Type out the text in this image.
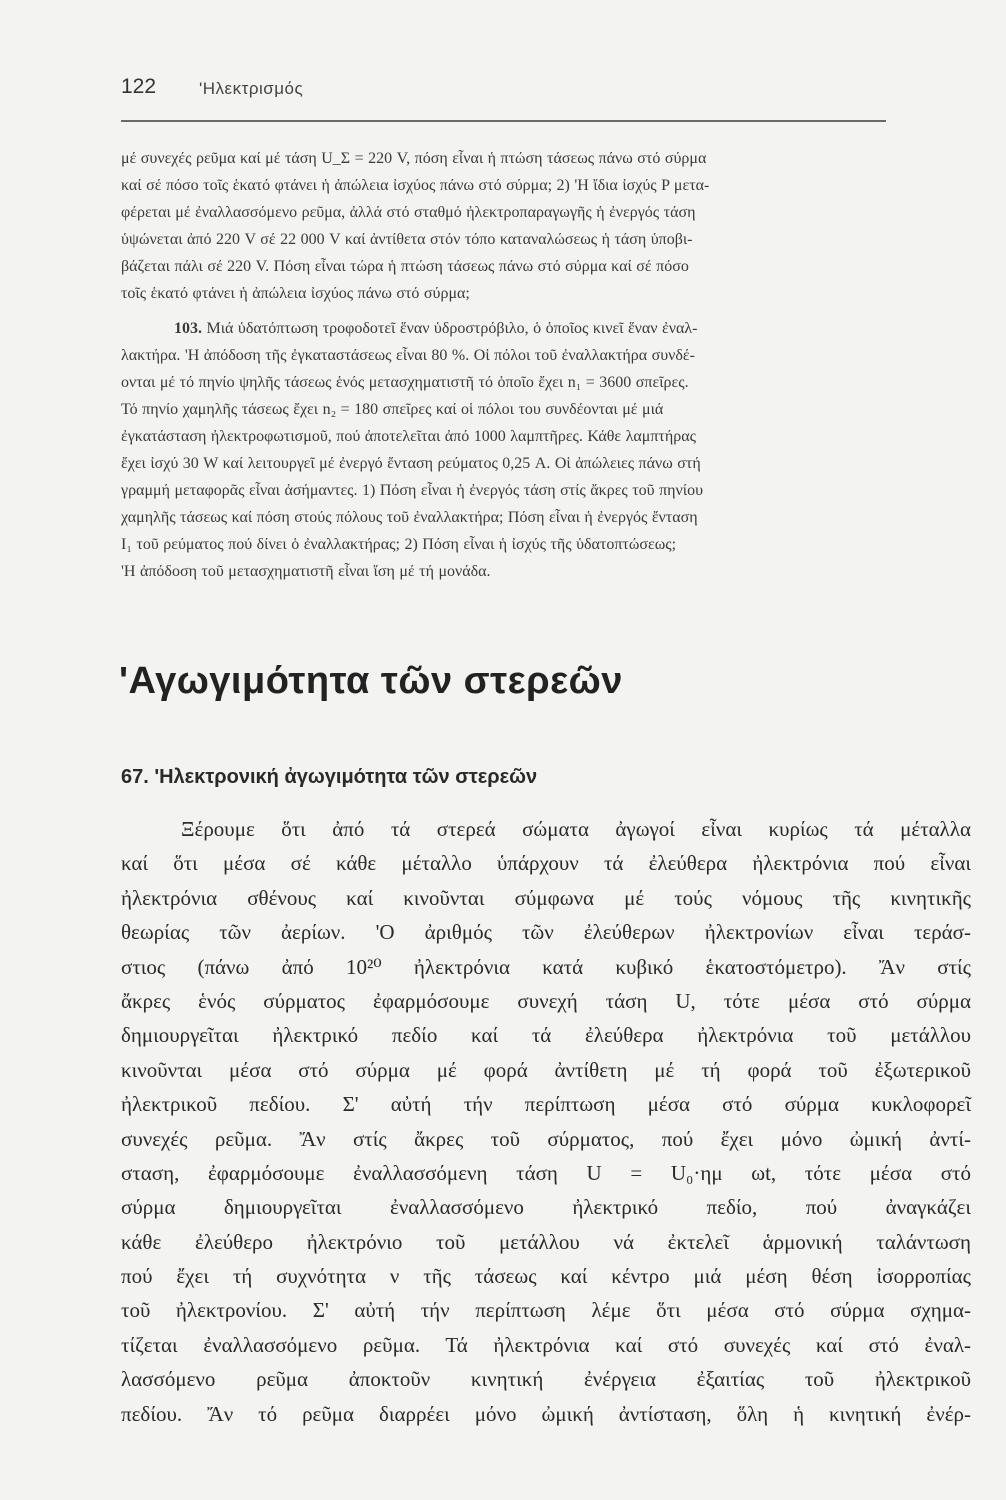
122	'Ηλεκτρισμός
μέ συνεχές ρεῦμα καί μέ τάση U_Σ = 220 V, πόση εἶναι ἡ πτώση τάσεως πάνω στό σύρμα
καί σέ πόσο τοῖς ἑκατό φτάνει ἡ ἀπώλεια ἰσχύος πάνω στό σύρμα; 2) 'Η ἴδια ἰσχύς P μετα-
φέρεται μέ ἐναλλασσόμενο ρεῦμα, ἀλλά στό σταθμό ἠλεκτροπαραγωγῆς ἡ ἐνεργός τάση
ὑψώνεται ἀπό 220 V σέ 22 000 V καί ἀντίθετα στόν τόπο καταναλώσεως ἡ τάση ὑποβι-
βάζεται πάλι σέ 220 V. Πόση εἶναι τώρα ἡ πτώση τάσεως πάνω στό σύρμα καί σέ πόσο
τοῖς ἑκατό φτάνει ἡ ἀπώλεια ἰσχύος πάνω στό σύρμα;
103. Μιά ὑδατόπτωση τροφοδοτεῖ ἕναν ὑδροστρόβιλο, ὁ ὁποῖος κινεῖ ἕναν ἐναλ-
λακτήρα. 'Η ἀπόδοση τῆς ἐγκαταστάσεως εἶναι 80 %. Οἱ πόλοι τοῦ ἐναλλακτήρα συνδέ-
ονται μέ τό πηνίο ψηλῆς τάσεως ἑνός μετασχηματιστῆ τό ὁποῖο ἔχει n₁ = 3600 σπεῖρες.
Τό πηνίο χαμηλῆς τάσεως ἔχει n₂ = 180 σπεῖρες καί οἱ πόλοι του συνδέονται μέ μιά
ἐγκατάσταση ἠλεκτροφωτισμοῦ, πού ἀποτελεῖται ἀπό 1000 λαμπτῆρες. Κάθε λαμπτήρας
ἔχει ἰσχύ 30 W καί λειτουργεῖ μέ ἐνεργό ἔνταση ρεύματος 0,25 A. Οἱ ἀπώλειες πάνω στή
γραμμή μεταφορᾶς εἶναι ἀσήμαντες. 1) Πόση εἶναι ἡ ἐνεργός τάση στίς ἄκρες τοῦ πηνίου
χαμηλῆς τάσεως καί πόση στούς πόλους τοῦ ἐναλλακτήρα; Πόση εἶναι ἡ ἐνεργός ἔνταση
I₁ τοῦ ρεύματος πού δίνει ὁ ἐναλλακτήρας; 2) Πόση εἶναι ἡ ἰσχύς τῆς ὑδατοπτώσεως;
'Η ἀπόδοση τοῦ μετασχηματιστῆ εἶναι ἴση μέ τή μονάδα.
'Αγωγιμότητα τῶν στερεῶν
67. 'Ηλεκτρονική ἀγωγιμότητα τῶν στερεῶν
Ξέρουμε ὅτι ἀπό τά στερεά σώματα ἀγωγοί εἶναι κυρίως τά μέταλλα
καί ὅτι μέσα σέ κάθε μέταλλο ὑπάρχουν τά ἐλεύθερα ἠλεκτρόνια πού εἶναι
ἠλεκτρόνια σθένους καί κινοῦνται σύμφωνα μέ τούς νόμους τῆς κινητικῆς
θεωρίας τῶν ἀερίων. 'Ο ἀριθμός τῶν ἐλεύθερων ἠλεκτρονίων εἶναι τεράσ-
στιος (πάνω ἀπό 10²⁰ ἠλεκτρόνια κατά κυβικό ἑκατοστόμετρο). Ἄν στίς
ἄκρες ἑνός σύρματος ἐφαρμόσουμε συνεχή τάση U, τότε μέσα στό σύρμα
δημιουργεῖται ἠλεκτρικό πεδίο καί τά ἐλεύθερα ἠλεκτρόνια τοῦ μετάλλου
κινοῦνται μέσα στό σύρμα μέ φορά ἀντίθετη μέ τή φορά τοῦ ἐξωτερικοῦ
ἠλεκτρικοῦ πεδίου. Σ' αὐτή τήν περίπτωση μέσα στό σύρμα κυκλοφορεῖ
συνεχές ρεῦμα. Ἄν στίς ἄκρες τοῦ σύρματος, πού ἔχει μόνο ὠμική ἀντί-
σταση, ἐφαρμόσουμε ἐναλλασσόμενη τάση U = U₀·ημ ωt, τότε μέσα στό
σύρμα δημιουργεῖται ἐναλλασσόμενο ἠλεκτρικό πεδίο, πού ἀναγκάζει
κάθε ἐλεύθερο ἠλεκτρόνιο τοῦ μετάλλου νά ἐκτελεῖ ἁρμονική ταλάντωση
πού ἔχει τή συχνότητα ν τῆς τάσεως καί κέντρο μιά μέση θέση ἰσορροπίας
τοῦ ἠλεκτρονίου. Σ' αὐτή τήν περίπτωση λέμε ὅτι μέσα στό σύρμα σχημα-
τίζεται ἐναλλασσόμενο ρεῦμα. Τά ἠλεκτρόνια καί στό συνεχές καί στό ἐναλ-
λασσόμενο ρεῦμα ἀποκτοῦν κινητική ἐνέργεια ἐξαιτίας τοῦ ἠλεκτρικοῦ
πεδίου. Ἄν τό ρεῦμα διαρρέει μόνο ὠμική ἀντίσταση, ὅλη ἡ κινητική ἐνέρ-
